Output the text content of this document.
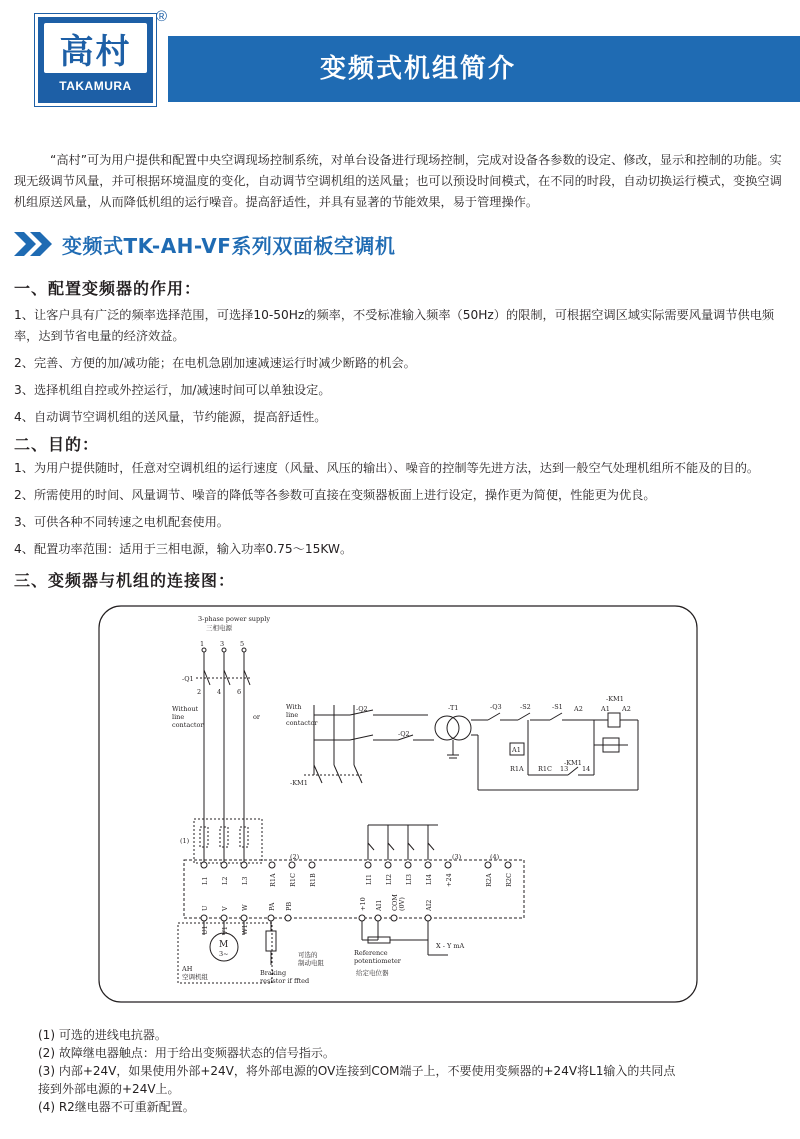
高村
TAKAMURA
®
变频式机组简介

“高村”可为用户提供和配置中央空调现场控制系统，对单台设备进行现场控制，完成对设备各参数的设定、修改，显示和控制的功能。实现无级调节风量，并可根据环境温度的变化，自动调节空调机组的送风量；也可以预设时间模式，在不同的时段，自动切换运行模式，变换空调机组原送风量，从而降低机组的运行噪音。提高舒适性，并具有显著的节能效果，易于管理操作。

变频式TK-AH-VF系列双面板空调机
一、配置变频器的作用：
1、让客户具有广泛的频率选择范围，可选择10-50Hz的频率，不受标准输入频率（50Hz）的限制，可根据空调区域实际需要风量调节供电频率，达到节省电量的经济效益。
2、完善、方便的加/减功能；在电机急剧加速减速运行时减少断路的机会。
3、选择机组自控或外控运行，加/减速时间可以单独设定。
4、自动调节空调机组的送风量，节约能源，提高舒适性。
二、目的：
1、为用户提供随时，任意对空调机组的运行速度（风量、风压的输出）、噪音的控制等先进方法，达到一般空气处理机组所不能及的目的。
2、所需使用的时间、风量调节、噪音的降低等各参数可直接在变频器板面上进行设定，操作更为简便，性能更为优良。
3、可供各种不同转速之电机配套使用。
4、配置功率范围：适用于三相电源，输入功率0.75～15KW。
三、变频器与机组的连接图：
3-phase power supply
三相电源
1 3 5
2 4 6
-Q1
Without
line
contactor
or
With
line
contactor
-Q2
-Q2
-T1	-Q3	-S2	-S1
-KM1
A1 A2
A2
A1
-KM1
R1A R1C 13 14
-KM1
(1)
(2)	(3)	(4)
L1 L2 L3	R1A R1C R1B	LI1 LI2 LI3 LI4 +24	R2A R2C
U V W	PA PB	+10 AI1 COM (0V)	AI2
U1 V1 W1
M
3~
AH
空调机组	Braking
resistor if ffted
可选的
制动电阻
Reference
potentiometer
给定电位器
X - Y mA

(1) 可选的进线电抗器。

(2) 故障继电器触点：用于给出变频器状态的信号指示。

(3) 内部+24V，如果使用外部+24V，将外部电源的OV连接到COM端子上，不要使用变频器的+24V将L1输入的共同点

接到外部电源的+24V上。

(4) R2继电器不可重新配置。
